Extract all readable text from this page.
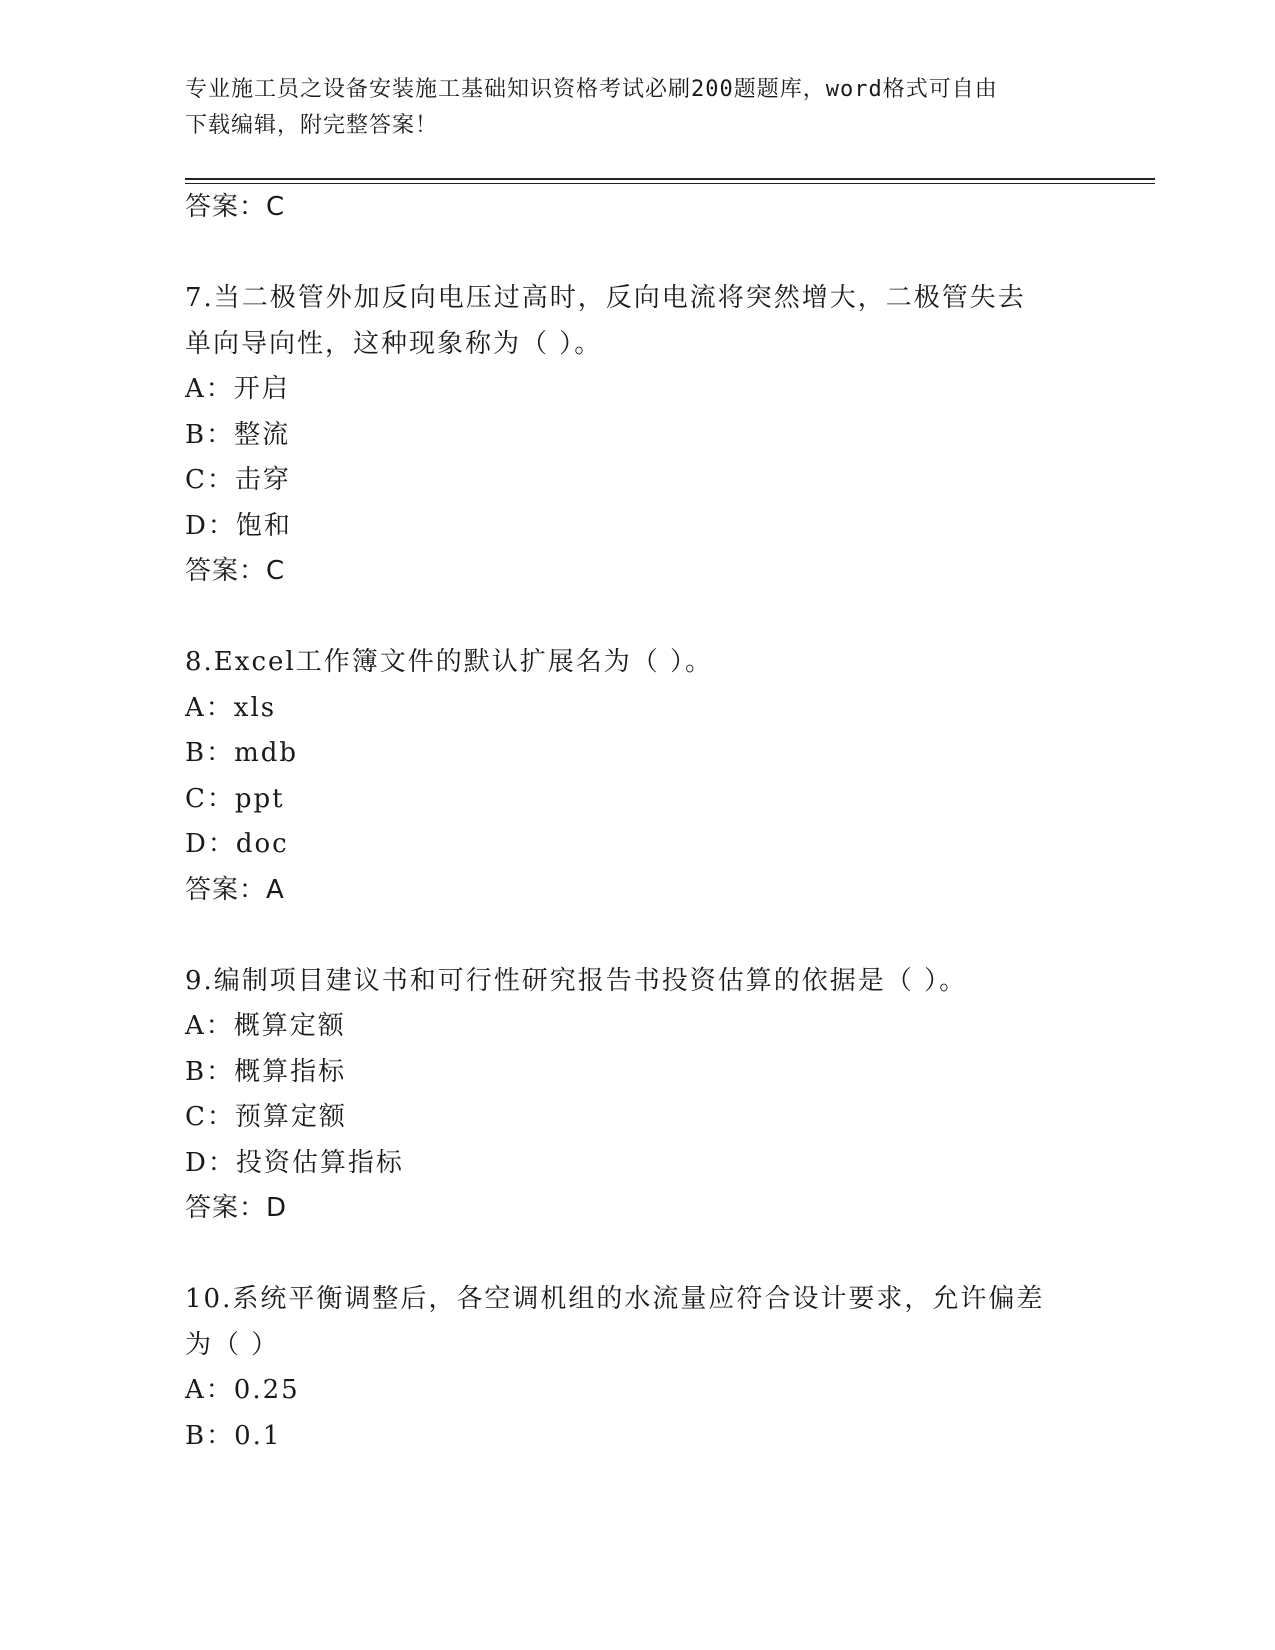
专业施工员之设备安装施工基础知识资格考试必刷200题题库，word格式可自由
下载编辑，附完整答案！
答案：C
7.当二极管外加反向电压过高时，反向电流将突然增大，二极管失去
单向导向性，这种现象称为（ ）。
A：开启
B：整流
C：击穿
D：饱和
答案：C
8.Excel工作簿文件的默认扩展名为（ ）。
A：xls
B：mdb
C：ppt
D：doc
答案：A
9.编制项目建议书和可行性研究报告书投资估算的依据是（ ）。
A：概算定额
B：概算指标
C：预算定额
D：投资估算指标
答案：D
10.系统平衡调整后，各空调机组的水流量应符合设计要求，允许偏差
为（ ）
A：0.25
B：0.1
